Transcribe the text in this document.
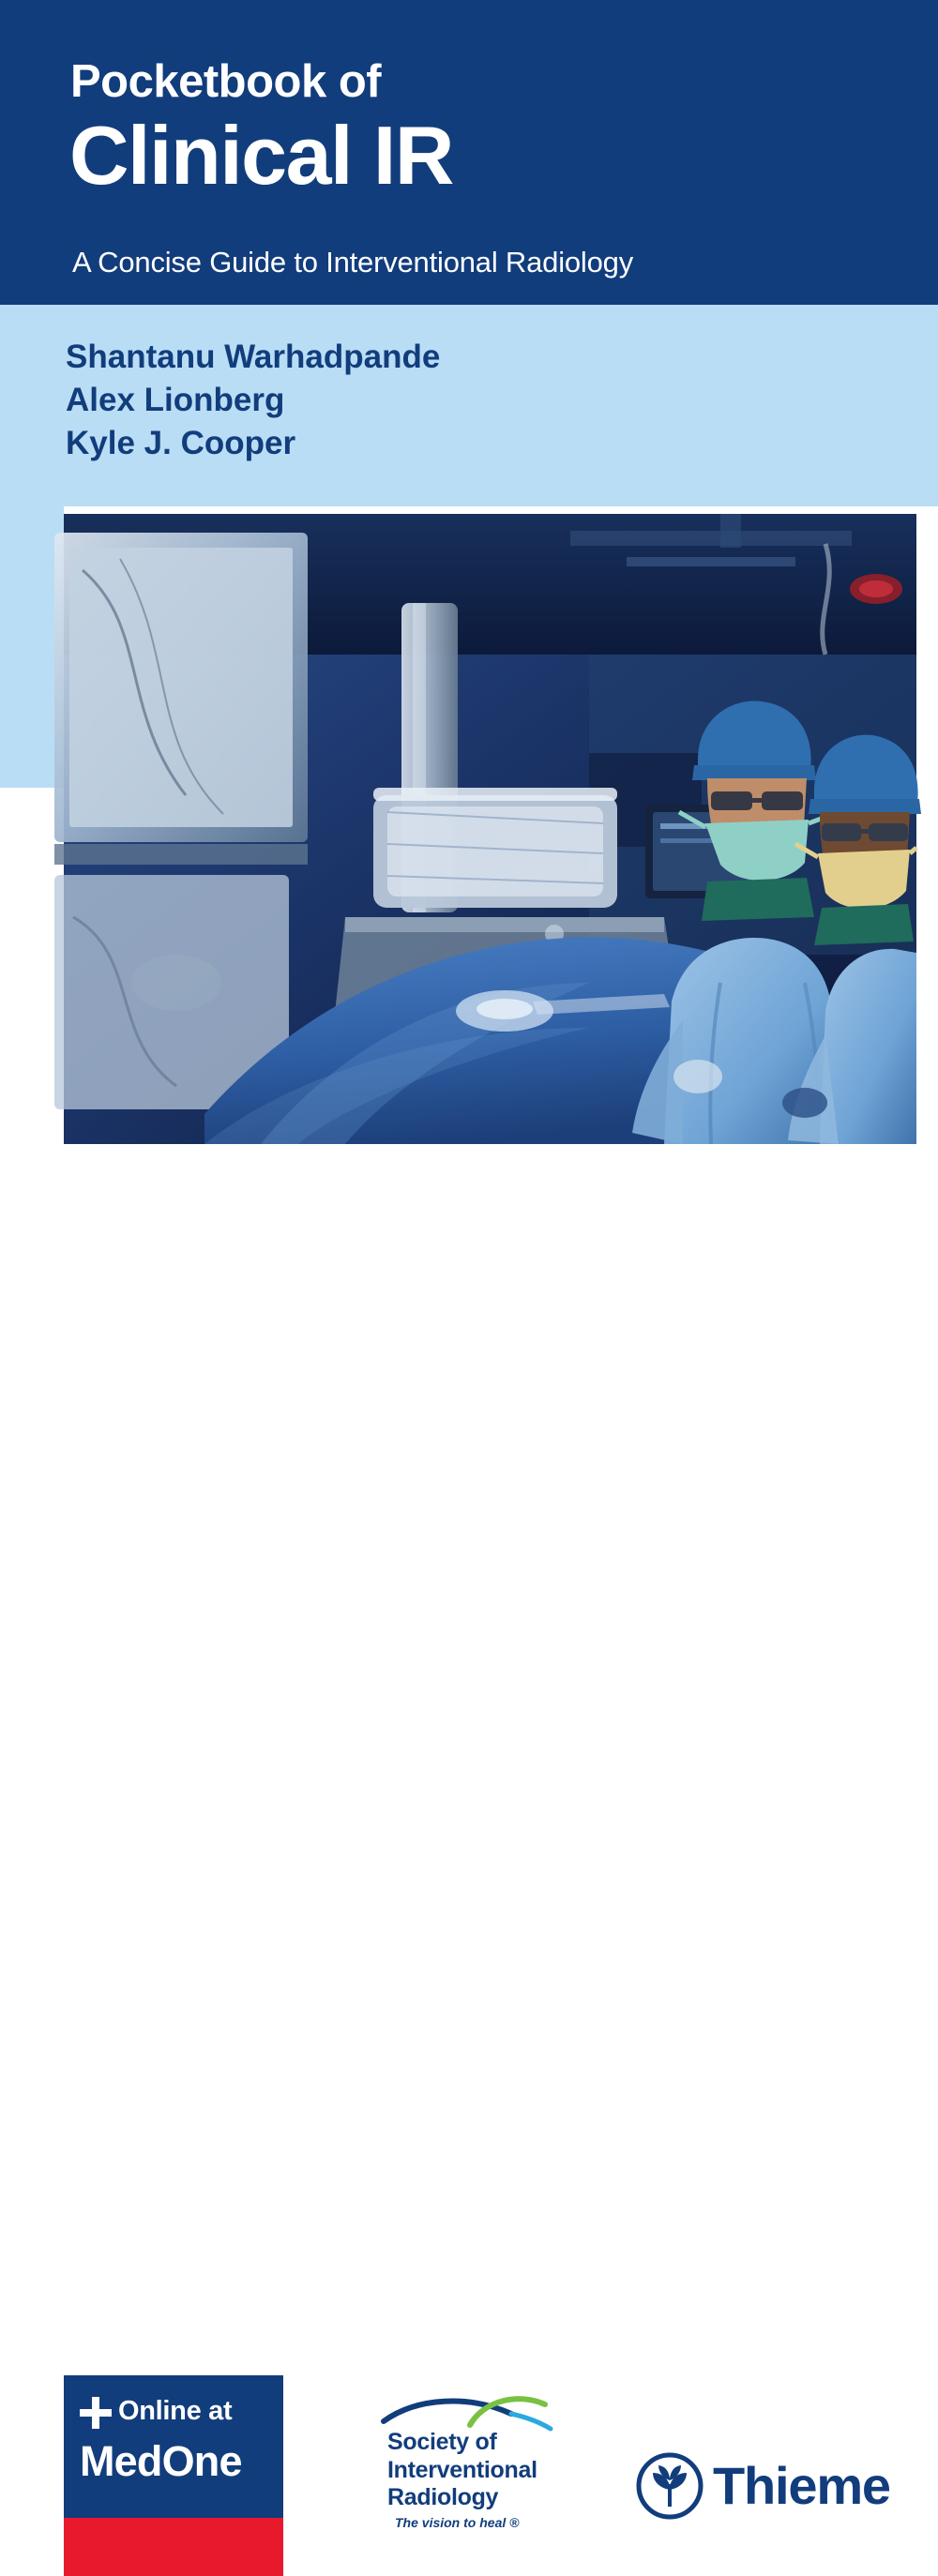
Pocketbook of
Clinical IR
A Concise Guide to Interventional Radiology
Shantanu Warhadpande
Alex Lionberg
Kyle J. Cooper
Online at
MedOne	Society of
Interventional
Radiology
The vision to heal ®
Thieme
